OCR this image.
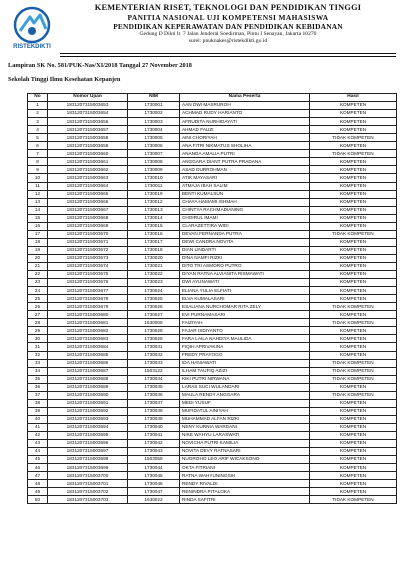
RISTEKDIKTI
KEMENTERIAN RISET, TEKNOLOGI DAN PENDIDIKAN TINGGI
PANITIA NASIONAL UJI KOMPETENSI MAHASISWA
PENDIDIKAN KEPERAWATAN DAN PENDIDIKAN KEBIDANAN
Gedung D Dikti lt. 7 Jalan Jenderal Soedirman, Pintu I Senayan, Jakarta 10270
surel: pnuknakes@ristekdikti.go.id
Lampiran SK No. 581/PUK-Nas/XI/2018 Tanggal 27 November 2018
Sekolah Tinggi Ilmu Kesehatan Kepanjen
No	Nomor Ujian	NIM	Nama Peserta	Hasil
1	1831207315003653	1730001	AAN DWI MASRUROH	KOMPETEN
2	1831207315003654	1730002	ACHMAD RUDY HARIANTO	KOMPETEN
3	1831207315003656	1730003	AFRUDITA NURHIDAYATI	KOMPETEN
4	1831207315003657	1730004	AHMAD FAUZI	KOMPETEN
5	1831207315003658	1730005	AINI CHORIYAH	TIDAK KOMPETEN
6	1831207315003659	1730006	ANA FITRI NIKMATUS SHOLIHA	KOMPETEN
7	1831207315003660	1730007	ANANDA AMALIA PUTRI	TIDAK KOMPETEN
8	1831207315003661	1730008	ANGGARA DIANT PUTRA PRADANA	KOMPETEN
9	1831207315003662	1730009	ASAD DURROHMAN	KOMPETEN
10	1831207315003663	1730010	ATIK MAYASARI	KOMPETEN
11	1831207315003664	1730011	ATMAJA IBAH SALIM	KOMPETEN
12	1831207315003665	1730019	BENTI KUMALSUN	KOMPETEN
13	1831207315003666	1730012	CHAYA HAMAMI ISHMAH	KOMPETEN
14	1831207315003667	1730013	CHINTYA RACHMADIANING	KOMPETEN
15	1831207315003668	1730014	CHOIRUL IMAMI	KOMPETEN
16	1831207315003669	1730015	CLARAZETTIRA WIDI	KOMPETEN
17	1831207315003670	1730016	DEVAN FERNANDA PUTRA	TIDAK KOMPETEN
18	1831207315003671	1730017	DEWI CANDRA NOVITA	KOMPETEN
19	1831207315003672	1730018	DIAN LINDARTI	KOMPETEN
20	1831207315003673	1730020	DINA NAMFI RIZKI	KOMPETEN
21	1831207315003674	1730021	DITO TRI ASMORO PUTRO	KOMPETEN
22	1831207315003675	1730022	DIYAN RATNA ALVIANITA RISMAWATI	KOMPETEN
23	1831207315003676	1730023	DWI AYUNAWATI	KOMPETEN
24	1831207315003677	1730024	ELIANA YULIA ELFIATI	KOMPETEN
25	1831207315003678	1730025	ELVA KUMALASARI	KOMPETEN
26	1831207315003679	1730026	ESALIANA NURCHOMAR RITA ZELY	TIDAK KOMPETEN
27	1831207315003680	1730027	EVI PURNAMASARI	KOMPETEN
28	1831207315003681	1630009	FAIZIYAH	TIDAK KOMPETEN
29	1831207315003682	1730028	FAJAR ISDIYANTO	KOMPETEN
30	1831207315003683	1730029	FARA LAILA NAHDIYA MAULIDA	KOMPETEN
31	1831207315003684	1730031	FIQIH APRIVAKINA	KOMPETEN
32	1831207315003685	1730032	FREDY PRAYOGO	KOMPETEN
33	1831207315003686	1730033	IDA HANIAWATI	TIDAK KOMPETEN
34	1831207315003687	1503122	ILHAM TAUFIQ AZIZI	TIDAK KOMPETEN
35	1831207315003688	1730034	KIKI PUTRI NIRWANA	TIDAK KOMPETEN
36	1831207315003689	1730035	LARAS SUCI WULANDARI	KOMPETEN
37	1831207315003690	1730036	MAULA RENDY ANGGARA	TIDAK KOMPETEN
38	1831207315003691	1730037	MEDI YUSUF	KOMPETEN
39	1831207315003692	1730038	MUFIDATUL AINIYAH	KOMPETEN
40	1831207315003693	1730039	MUHAMMAD ALFAN RIZKI	KOMPETEN
41	1831207315003694	1730040	NENY KURNIA WARDANI	KOMPETEN
42	1831207315003695	1730041	NIKE WAHYU LARASWATI	KOMPETEN
43	1831207315003696	1730042	NOVICHA PUTRI KAMILIA	KOMPETEN
44	1831207315003697	1730043	NOVITA DEVY RATNASARI	KOMPETEN
45	1831207315003698	1503059	NUGROHO LEO ARIF WICAKSONO	KOMPETEN
46	1831207315003699	1730044	OKTA FITRIANI	KOMPETEN
47	1831207315003700	1730045	RATNA WAHYUNINGSIH	KOMPETEN
48	1831207315003701	1730046	RENDY RIVALDI	KOMPETEN
49	1831207315003702	1730047	RENINDRA PITALOKA	KOMPETEN
50	1831207315003703	1630022	RINDA SAFITRI	TIDAK KOMPETEN
